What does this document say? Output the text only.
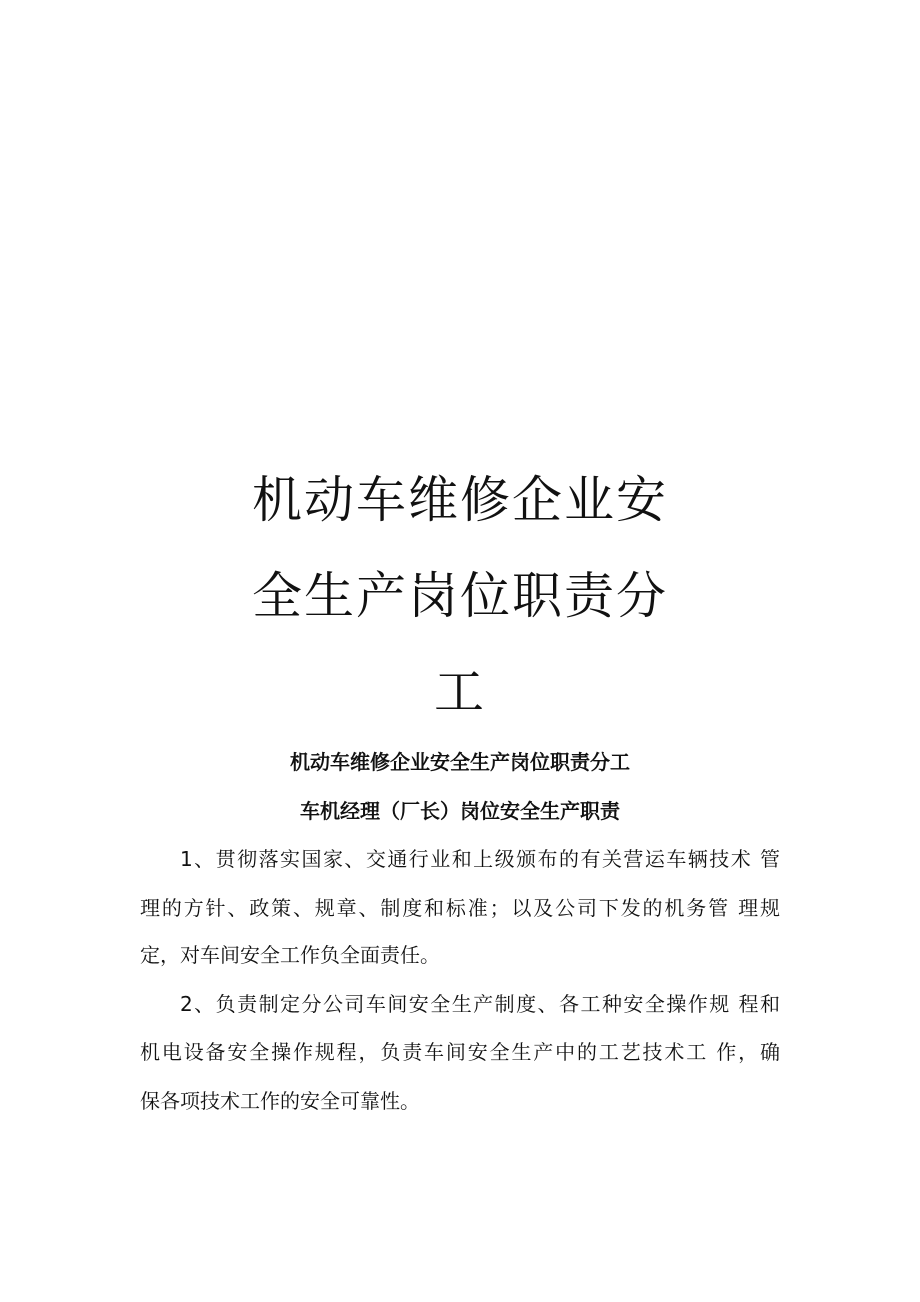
机动车维修企业安
全生产岗位职责分
工
机动车维修企业安全生产岗位职责分工
车机经理（厂长）岗位安全生产职责
1、贯彻落实国家、交通行业和上级颁布的有关营运车辆技术 管
理的方针、政策、规章、制度和标准；以及公司下发的机务管 理规
定，对车间安全工作负全面责任。
2、负责制定分公司车间安全生产制度、各工种安全操作规 程和
机电设备安全操作规程，负责车间安全生产中的工艺技术工 作，确
保各项技术工作的安全可靠性。
